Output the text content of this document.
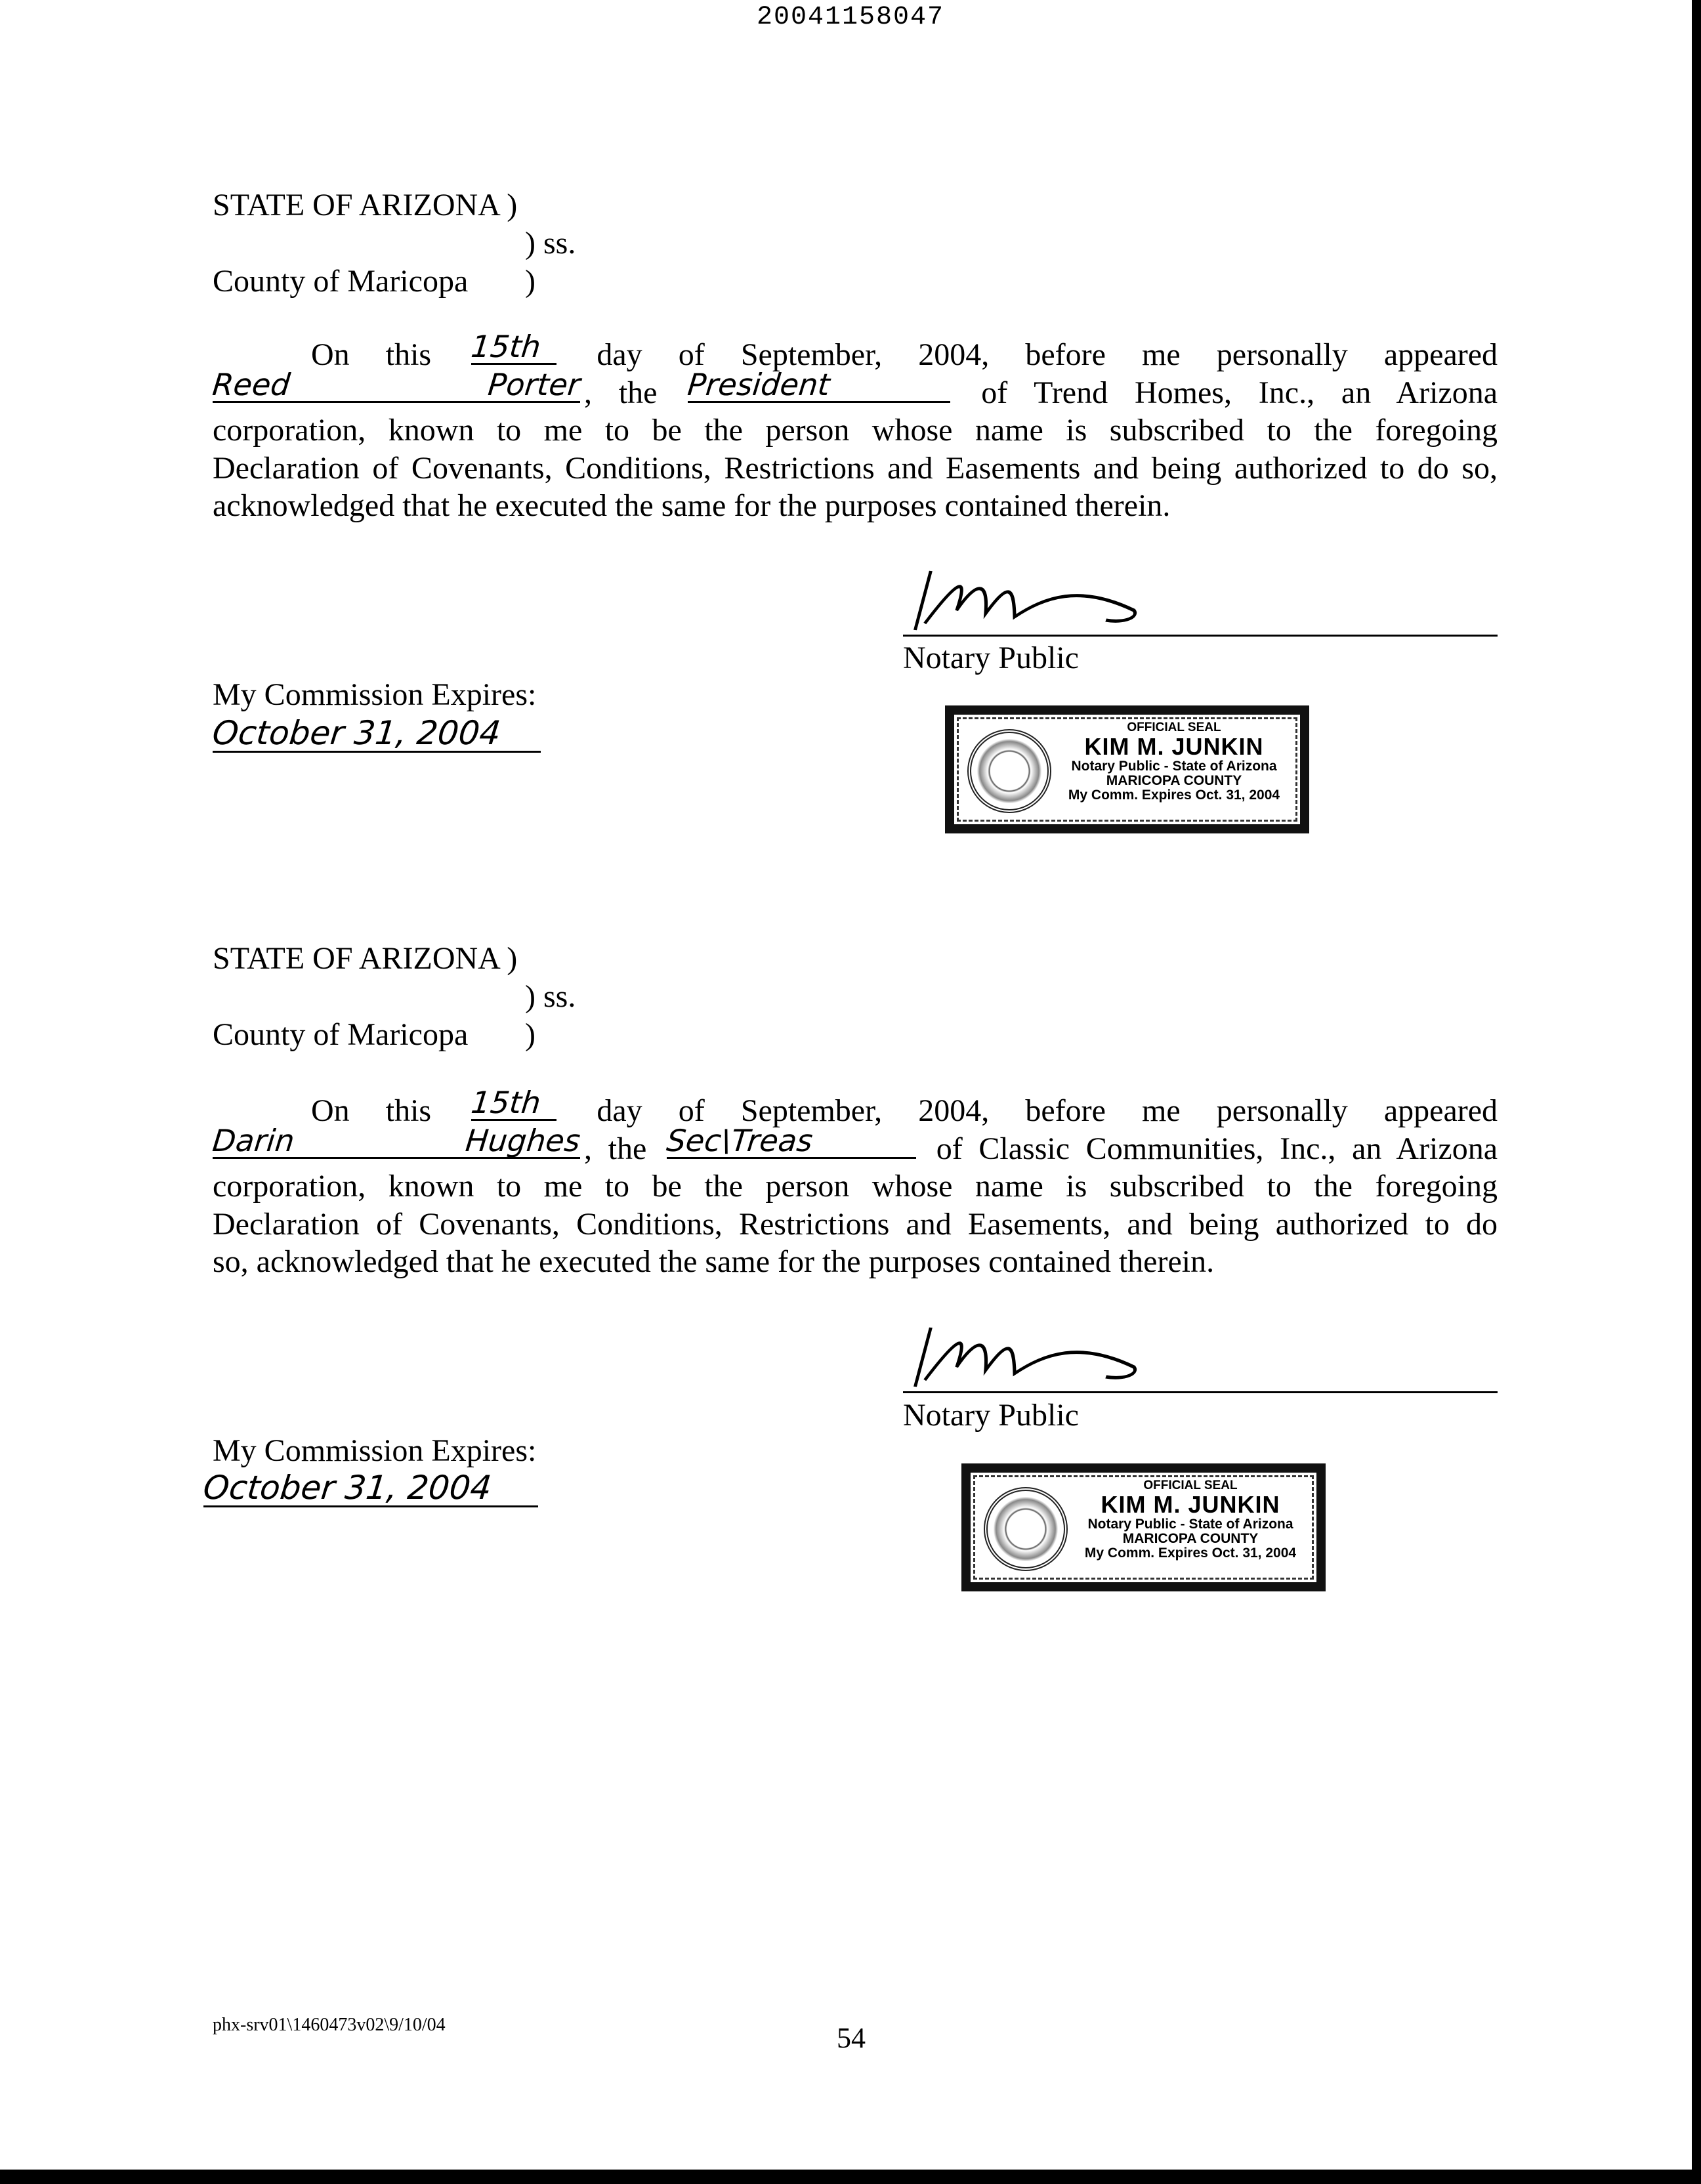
20041158047
STATE OF ARIZONA )
) ss.
County of Maricopa )
On this 15th	day of September, 2004, before me personally appeared
Reed Porter , the President	of Trend Homes, Inc., an Arizona
corporation, known to me to be the person whose name is subscribed to the foregoing
Declaration of Covenants, Conditions, Restrictions and Easements and being authorized to do so,
acknowledged that he executed the same for the purposes contained therein.
Notary Public
My Commission Expires:
October 31, 2004	OFFICIAL SEAL
KIM M. JUNKIN
Notary Public - State of Arizona
MARICOPA COUNTY
My Comm. Expires Oct. 31, 2004
STATE OF ARIZONA )
) ss.
County of Maricopa )
On this 15th	day of September, 2004, before me personally appeared
Darin Hughes , the Sec\Treas	of Classic Communities, Inc., an Arizona
corporation, known to me to be the person whose name is subscribed to the foregoing
Declaration of Covenants, Conditions, Restrictions and Easements, and being authorized to do
so, acknowledged that he executed the same for the purposes contained therein.
Notary Public
My Commission Expires:
October 31, 2004	OFFICIAL SEAL
KIM M. JUNKIN
Notary Public - State of Arizona
MARICOPA COUNTY
My Comm. Expires Oct. 31, 2004
phx-srv01\1460473v02\9/10/04	54
